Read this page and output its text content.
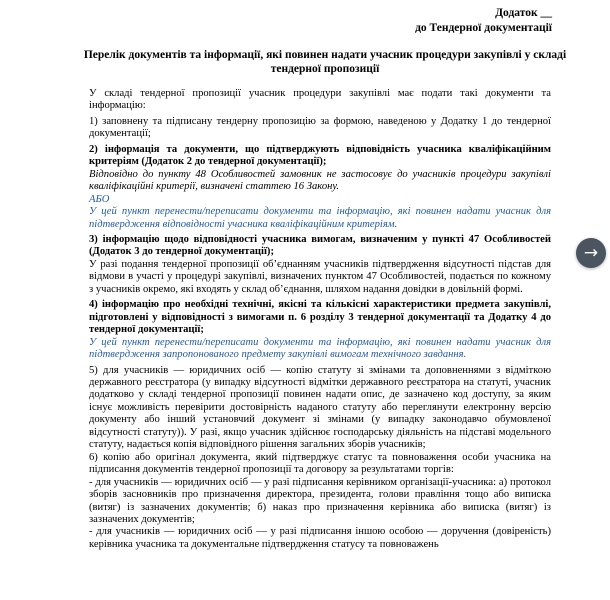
Додаток __
до Тендерної документації
Перелік документів та інформації, які повинен надати учасник процедури закупівлі у складі тендерної пропозиції

У складі тендерної пропозиції учасник процедури закупівлі має подати такі документи та інформацію:

1) заповнену та підписану тендерну пропозицію за формою, наведеною у Додатку 1 до тендерної документації;

2) інформація та документи, що підтверджують відповідність учасника кваліфікаційним критеріям (Додаток 2 до тендерної документації);

Відповідно до пункту 48 Особливостей замовник не застосовує до учасників процедури закупівлі кваліфікаційні критерії, визначені статтею 16 Закону.

АБО

У цей пункт перенести/переписати документи та інформацію, які повинен надати учасник для підтвердження відповідності учасника кваліфікаційним критеріям.

3) інформацію щодо відповідності учасника вимогам, визначеним у пункті 47 Особливостей (Додаток 3 до тендерної документації);

У разі подання тендерної пропозиції об’єднанням учасників підтвердження відсутності підстав для відмови в участі у процедурі закупівлі, визначених пунктом 47 Особливостей, подається по кожному з учасників окремо, які входять у склад об’єднання, шляхом надання довідки в довільній формі.

4) інформацію про необхідні технічні, якісні та кількісні характеристики предмета закупівлі, підготовлені у відповідності з вимогами п. 6 розділу 3 тендерної документації та Додатку 4 до тендерної документації;

У цей пункт перенести/переписати документи та інформацію, які повинен надати учасник для підтвердження запропонованого предмету закупівлі вимогам технічного завдання.

5) для учасників — юридичних осіб — копію статуту зі змінами та доповненнями з відміткою державного реєстратора (у випадку відсутності відмітки державного реєстратора на статуті, учасник додатково у складі тендерної пропозиції повинен надати опис, де зазначено код доступу, за яким існує можливість перевірити достовірність наданого статуту або переглянути електронну версію документу або інший установчий документ зі змінами (у випадку законодавчо обумовленої відсутності статуту)). У разі, якщо учасник здійснює господарську діяльність на підставі модельного статуту, надається копія відповідного рішення загальних зборів учасників;

6) копію або оригінал документа, який підтверджує статус та повноваження особи учасника на підписання документів тендерної пропозиції та договору за результатами торгів:

- для учасників — юридичних осіб — у разі підписання керівником організації-учасника: а) протокол зборів засновників про призначення директора, президента, голови правління тощо або виписка (витяг) із зазначених документів; б) наказ про призначення керівника або виписка (витяг) із зазначених документів;

- для учасників — юридичних осіб — у разі підписання іншою особою — доручення (довіреність) керівника учасника та документальне підтвердження статусу та повноважень

→
